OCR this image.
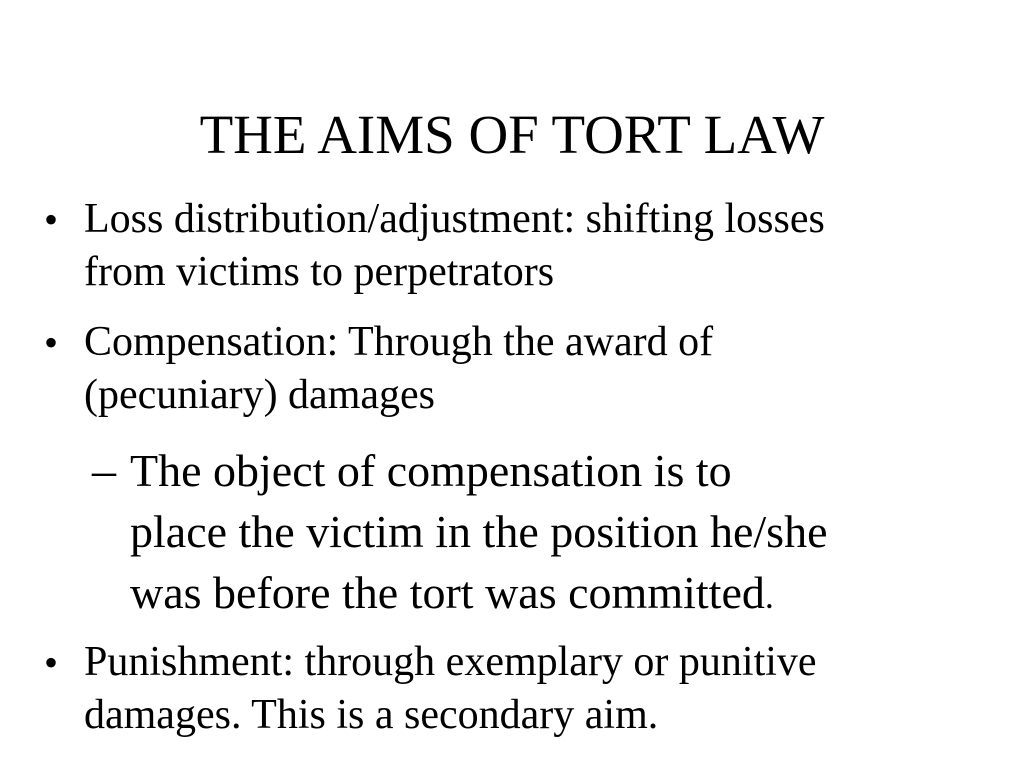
THE AIMS OF TORT LAW
• Loss distribution/adjustment: shifting losses
from victims to perpetrators
• Compensation: Through the award of
(pecuniary) damages
– The object of compensation is to
place the victim in the position he/she
was before the tort was committed.
• Punishment: through exemplary or punitive
damages. This is a secondary aim.
